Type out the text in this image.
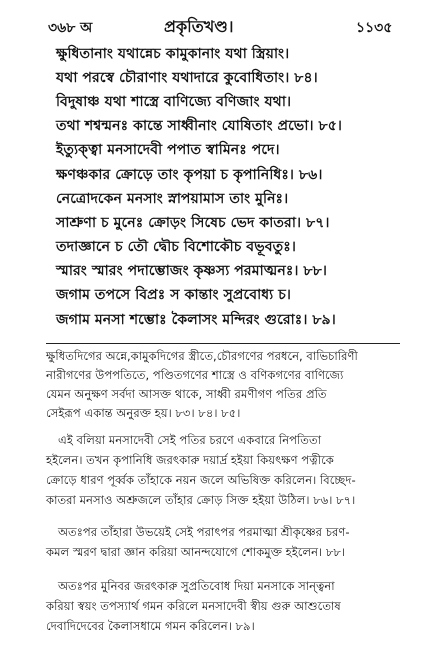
৩৬৮ অ	প্রকৃতিখণ্ড।	১১৩৫
ক্ষুধিতানাং যথান্নেচ কামুকানাং যথা স্ত্রিয়াং।
যথা পরস্বে চৌরাণাং যথাদারে কুবোধিতাং। ৮৪।
বিদুষাঞ্চ যথা শাস্ত্রে বাণিজ্যে বণিজাং যথা।
তথা শশ্বন্মনঃ কান্তে সাধ্বীনাং যোষিতাং প্রভো। ৮৫।
ইত্যুক্ত্বা মনসাদেবী পপাত স্বামিনঃ পদে।
ক্ষণঞ্চকার ক্রোড়ে তাং কৃপয়া চ কৃপানিধিঃ। ৮৬।
নেত্রোদকেন মনসাং স্নাপয়ামাস তাং মুনিঃ।
সাশ্রুণা চ মুনেঃ ক্রোড়ং সিষেচ ভেদ কাতরা। ৮৭।
তদাজ্ঞানে চ তৌ দ্বৌচ বিশোকৌচ বভূবতুঃ।
স্মারং স্মারং পদাম্ভোজং কৃষ্ণস্য পরমাত্মনঃ। ৮৮।
জগাম তপসে বিপ্রঃ স কান্তাং সুপ্রবোধ্য চ।
জগাম মনসা শম্ভোঃ কৈলাসং মন্দিরং গুরোঃ। ৮৯।
ক্ষুধিতদিগের অন্নে,কামুকদিগের স্ত্রীতে,চৌরগণের পরধনে, বাভিচারিণী
নারীগণের উপপতিতে, পণ্ডিতগণের শাস্ত্রে ও বণিকগণের বাণিজ্যে
যেমন অনুক্ষণ সর্বদা আসক্ত থাকে, সাধ্বী রমণীগণ পতির প্রতি
সেইরূপ একান্ত অনুরক্ত হয়। ৮৩। ৮৪। ৮৫।
এই বলিয়া মনসাদেবী সেই পতির চরণে একবারে নিপতিতা
হইলেন। তখন কৃপানিধি জরৎকারু দয়ার্দ্র হইয়া কিয়ৎক্ষণ পত্নীকে
ক্রোড়ে ধারণ পূর্ব্বক তাঁহাকে নয়ন জলে অভিষিক্ত করিলেন। বিচ্ছেদ-
কাতরা মনসাও অশ্রুজলে তাঁহার ক্রোড় সিক্ত হইয়া উঠিল। ৮৬। ৮৭।
অতঃপর তাঁহারা উভয়েই সেই পরাৎপর পরমাত্মা শ্রীকৃষ্ণের চরণ-
কমল স্মরণ দ্বারা জ্ঞান করিয়া আনন্দযোগে শোকমুক্ত হইলেন। ৮৮।
অতঃপর মুনিবর জরৎকারু সুপ্রতিবোধ দিয়া মনসাকে সান্ত্বনা
করিয়া স্বয়ং তপস্যার্থ গমন করিলে মনসাদেবী স্বীয় গুরু আশুতোষ
দেবাদিদেবের কৈলাসধামে গমন করিলেন। ৮৯।
